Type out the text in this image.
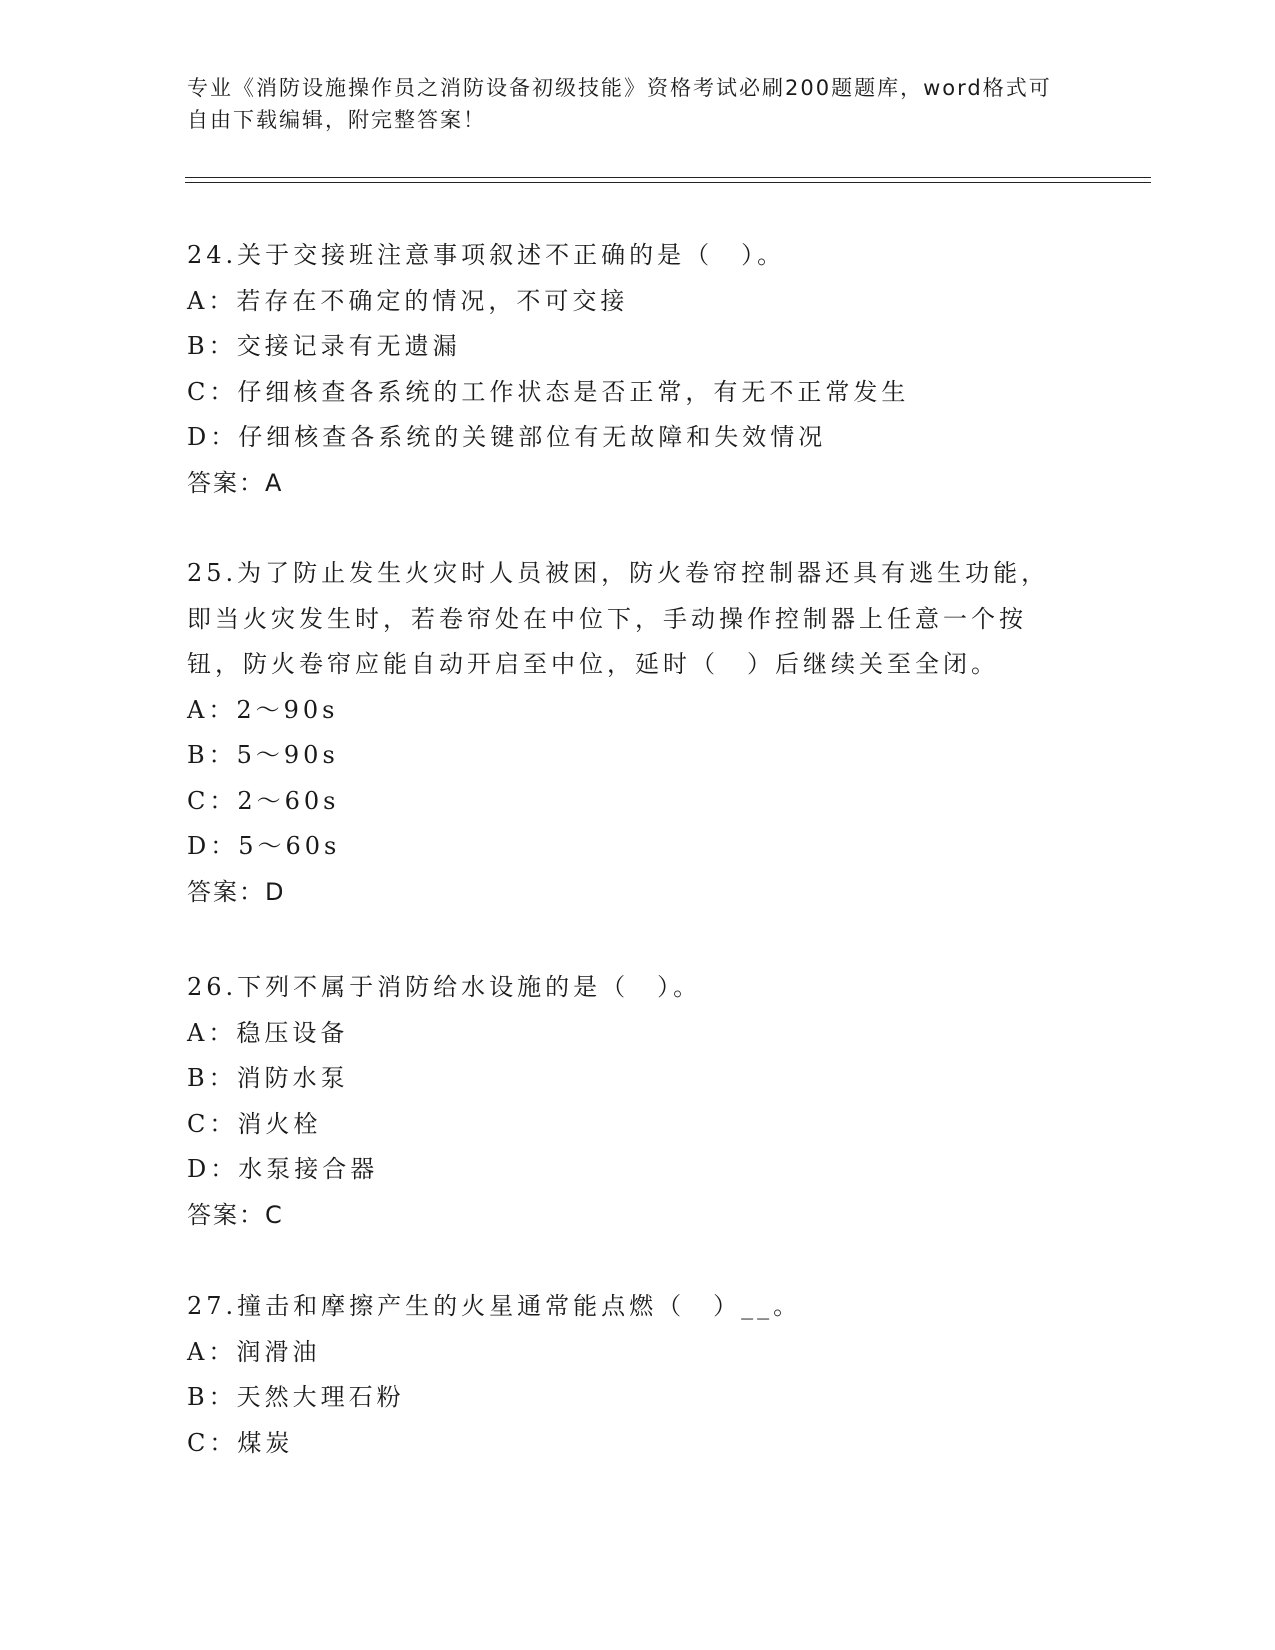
专业《消防设施操作员之消防设备初级技能》资格考试必刷200题题库，word格式可自由下载编辑，附完整答案！
24.关于交接班注意事项叙述不正确的是（　）。
A：若存在不确定的情况，不可交接
B：交接记录有无遗漏
C：仔细核查各系统的工作状态是否正常，有无不正常发生
D：仔细核查各系统的关键部位有无故障和失效情况
答案：A
25.为了防止发生火灾时人员被困，防火卷帘控制器还具有逃生功能，即当火灾发生时，若卷帘处在中位下，手动操作控制器上任意一个按钮，防火卷帘应能自动开启至中位，延时（　）后继续关至全闭。
A：2～90s
B：5～90s
C：2～60s
D：5～60s
答案：D
26.下列不属于消防给水设施的是（　）。
A：稳压设备
B：消防水泵
C：消火栓
D：水泵接合器
答案：C
27.撞击和摩擦产生的火星通常能点燃（　）__。
A：润滑油
B：天然大理石粉
C：煤炭
